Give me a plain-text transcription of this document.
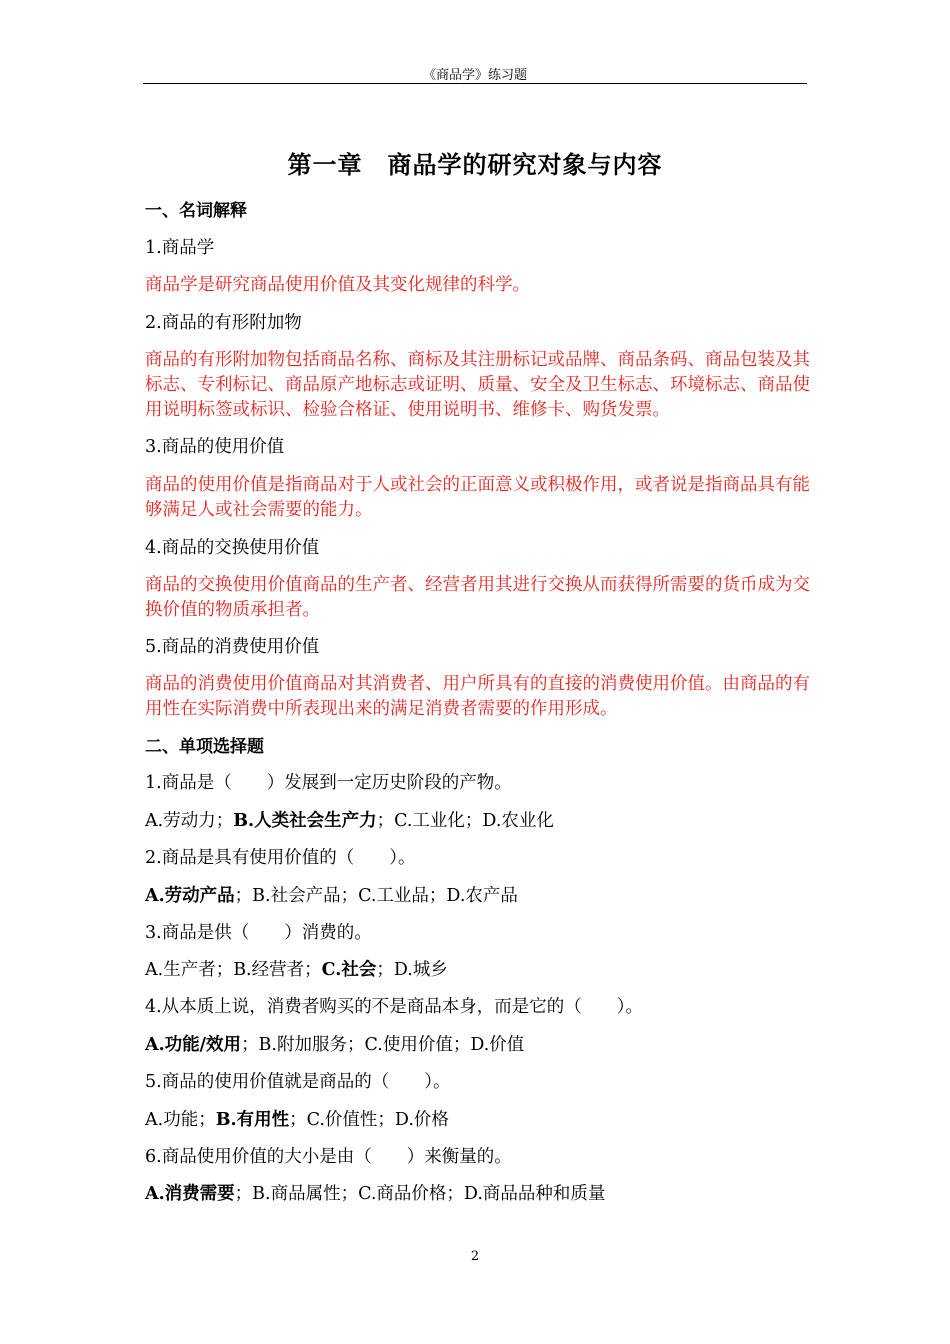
《商品学》练习题
第一章　商品学的研究对象与内容
一、名词解释
1.商品学
商品学是研究商品使用价值及其变化规律的科学。
2.商品的有形附加物
商品的有形附加物包括商品名称、商标及其注册标记或品牌、商品条码、商品包装及其标志、专利标记、商品原产地标志或证明、质量、安全及卫生标志、环境标志、商品使用说明标签或标识、检验合格证、使用说明书、维修卡、购货发票。
3.商品的使用价值
商品的使用价值是指商品对于人或社会的正面意义或积极作用，或者说是指商品具有能够满足人或社会需要的能力。
4.商品的交换使用价值
商品的交换使用价值商品的生产者、经营者用其进行交换从而获得所需要的货币成为交换价值的物质承担者。
5.商品的消费使用价值
商品的消费使用价值商品对其消费者、用户所具有的直接的消费使用价值。由商品的有用性在实际消费中所表现出来的满足消费者需要的作用形成。
二、单项选择题
1.商品是（　　）发展到一定历史阶段的产物。
A.劳动力；B.人类社会生产力；C.工业化；D.农业化
2.商品是具有使用价值的（　　）。
A.劳动产品；B.社会产品；C.工业品；D.农产品
3.商品是供（　　）消费的。
A.生产者；B.经营者；C.社会；D.城乡
4.从本质上说，消费者购买的不是商品本身，而是它的（　　）。
A.功能/效用；B.附加服务；C.使用价值；D.价值
5.商品的使用价值就是商品的（　　）。
A.功能；B.有用性；C.价值性；D.价格
6.商品使用价值的大小是由（　　）来衡量的。
A.消费需要；B.商品属性；C.商品价格；D.商品品种和质量
2
